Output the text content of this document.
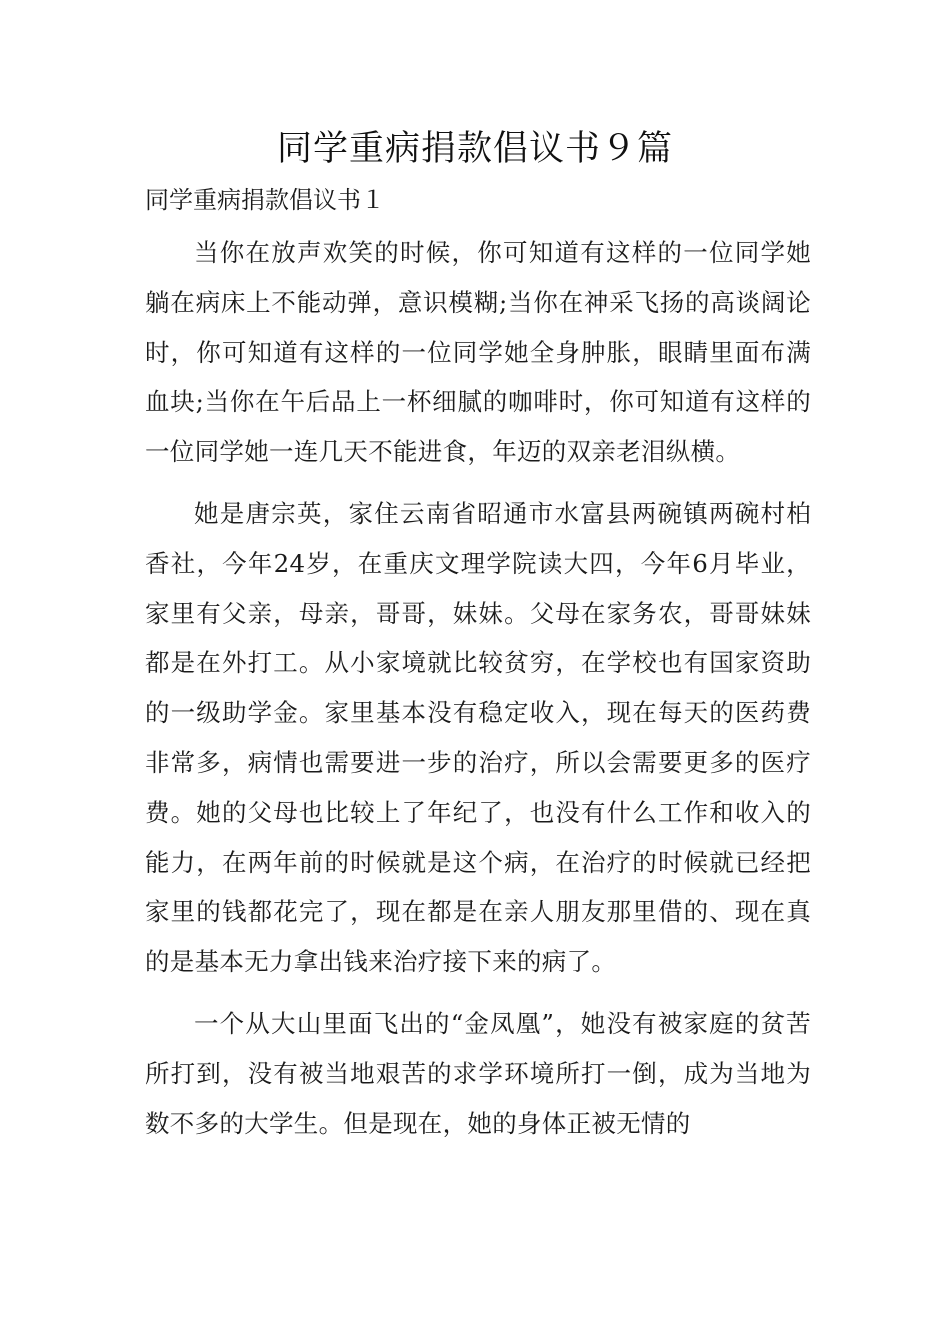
同学重病捐款倡议书９篇

同学重病捐款倡议书１

当你在放声欢笑的时候，你可知道有这样的一位同学她躺在病床上不能动弹，意识模糊;当你在神采飞扬的高谈阔论时，你可知道有这样的一位同学她全身肿胀，眼睛里面布满血块;当你在午后品上一杯细腻的咖啡时，你可知道有这样的一位同学她一连几天不能进食，年迈的双亲老泪纵横。

她是唐宗英，家住云南省昭通市水富县两碗镇两碗村柏香社，今年24岁，在重庆文理学院读大四，今年6月毕业，家里有父亲，母亲，哥哥，妹妹。父母在家务农，哥哥妹妹都是在外打工。从小家境就比较贫穷，在学校也有国家资助的一级助学金。家里基本没有稳定收入，现在每天的医药费非常多，病情也需要进一步的治疗，所以会需要更多的医疗费。她的父母也比较上了年纪了，也没有什么工作和收入的能力，在两年前的时候就是这个病，在治疗的时候就已经把家里的钱都花完了，现在都是在亲人朋友那里借的、现在真的是基本无力拿出钱来治疗接下来的病了。

一个从大山里面飞出的“金凤凰”，她没有被家庭的贫苦所打到，没有被当地艰苦的求学环境所打一倒，成为当地为数不多的大学生。但是现在，她的身体正被无情的
